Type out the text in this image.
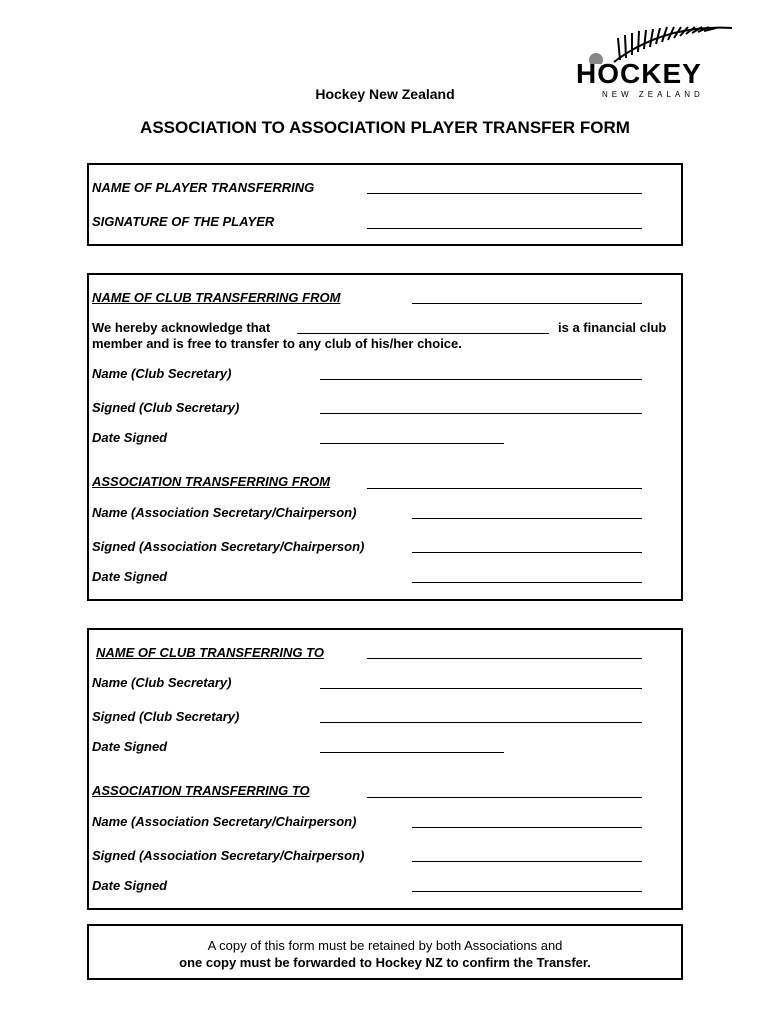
HOCKEY
NEW ZEALAND
Hockey New Zealand
ASSOCIATION TO ASSOCIATION PLAYER TRANSFER FORM
NAME OF PLAYER TRANSFERRING
SIGNATURE OF THE PLAYER
NAME OF CLUB TRANSFERRING FROM
We hereby acknowledge that	is a financial club
member and is free to transfer to any club of his/her choice.
Name (Club Secretary)
Signed (Club Secretary)
Date Signed
ASSOCIATION TRANSFERRING FROM
Name (Association Secretary/Chairperson)
Signed (Association Secretary/Chairperson)
Date Signed
NAME OF CLUB TRANSFERRING TO
Name (Club Secretary)
Signed (Club Secretary)
Date Signed
ASSOCIATION TRANSFERRING TO
Name (Association Secretary/Chairperson)
Signed (Association Secretary/Chairperson)
Date Signed
A copy of this form must be retained by both Associations and
one copy must be forwarded to Hockey NZ to confirm the Transfer.
